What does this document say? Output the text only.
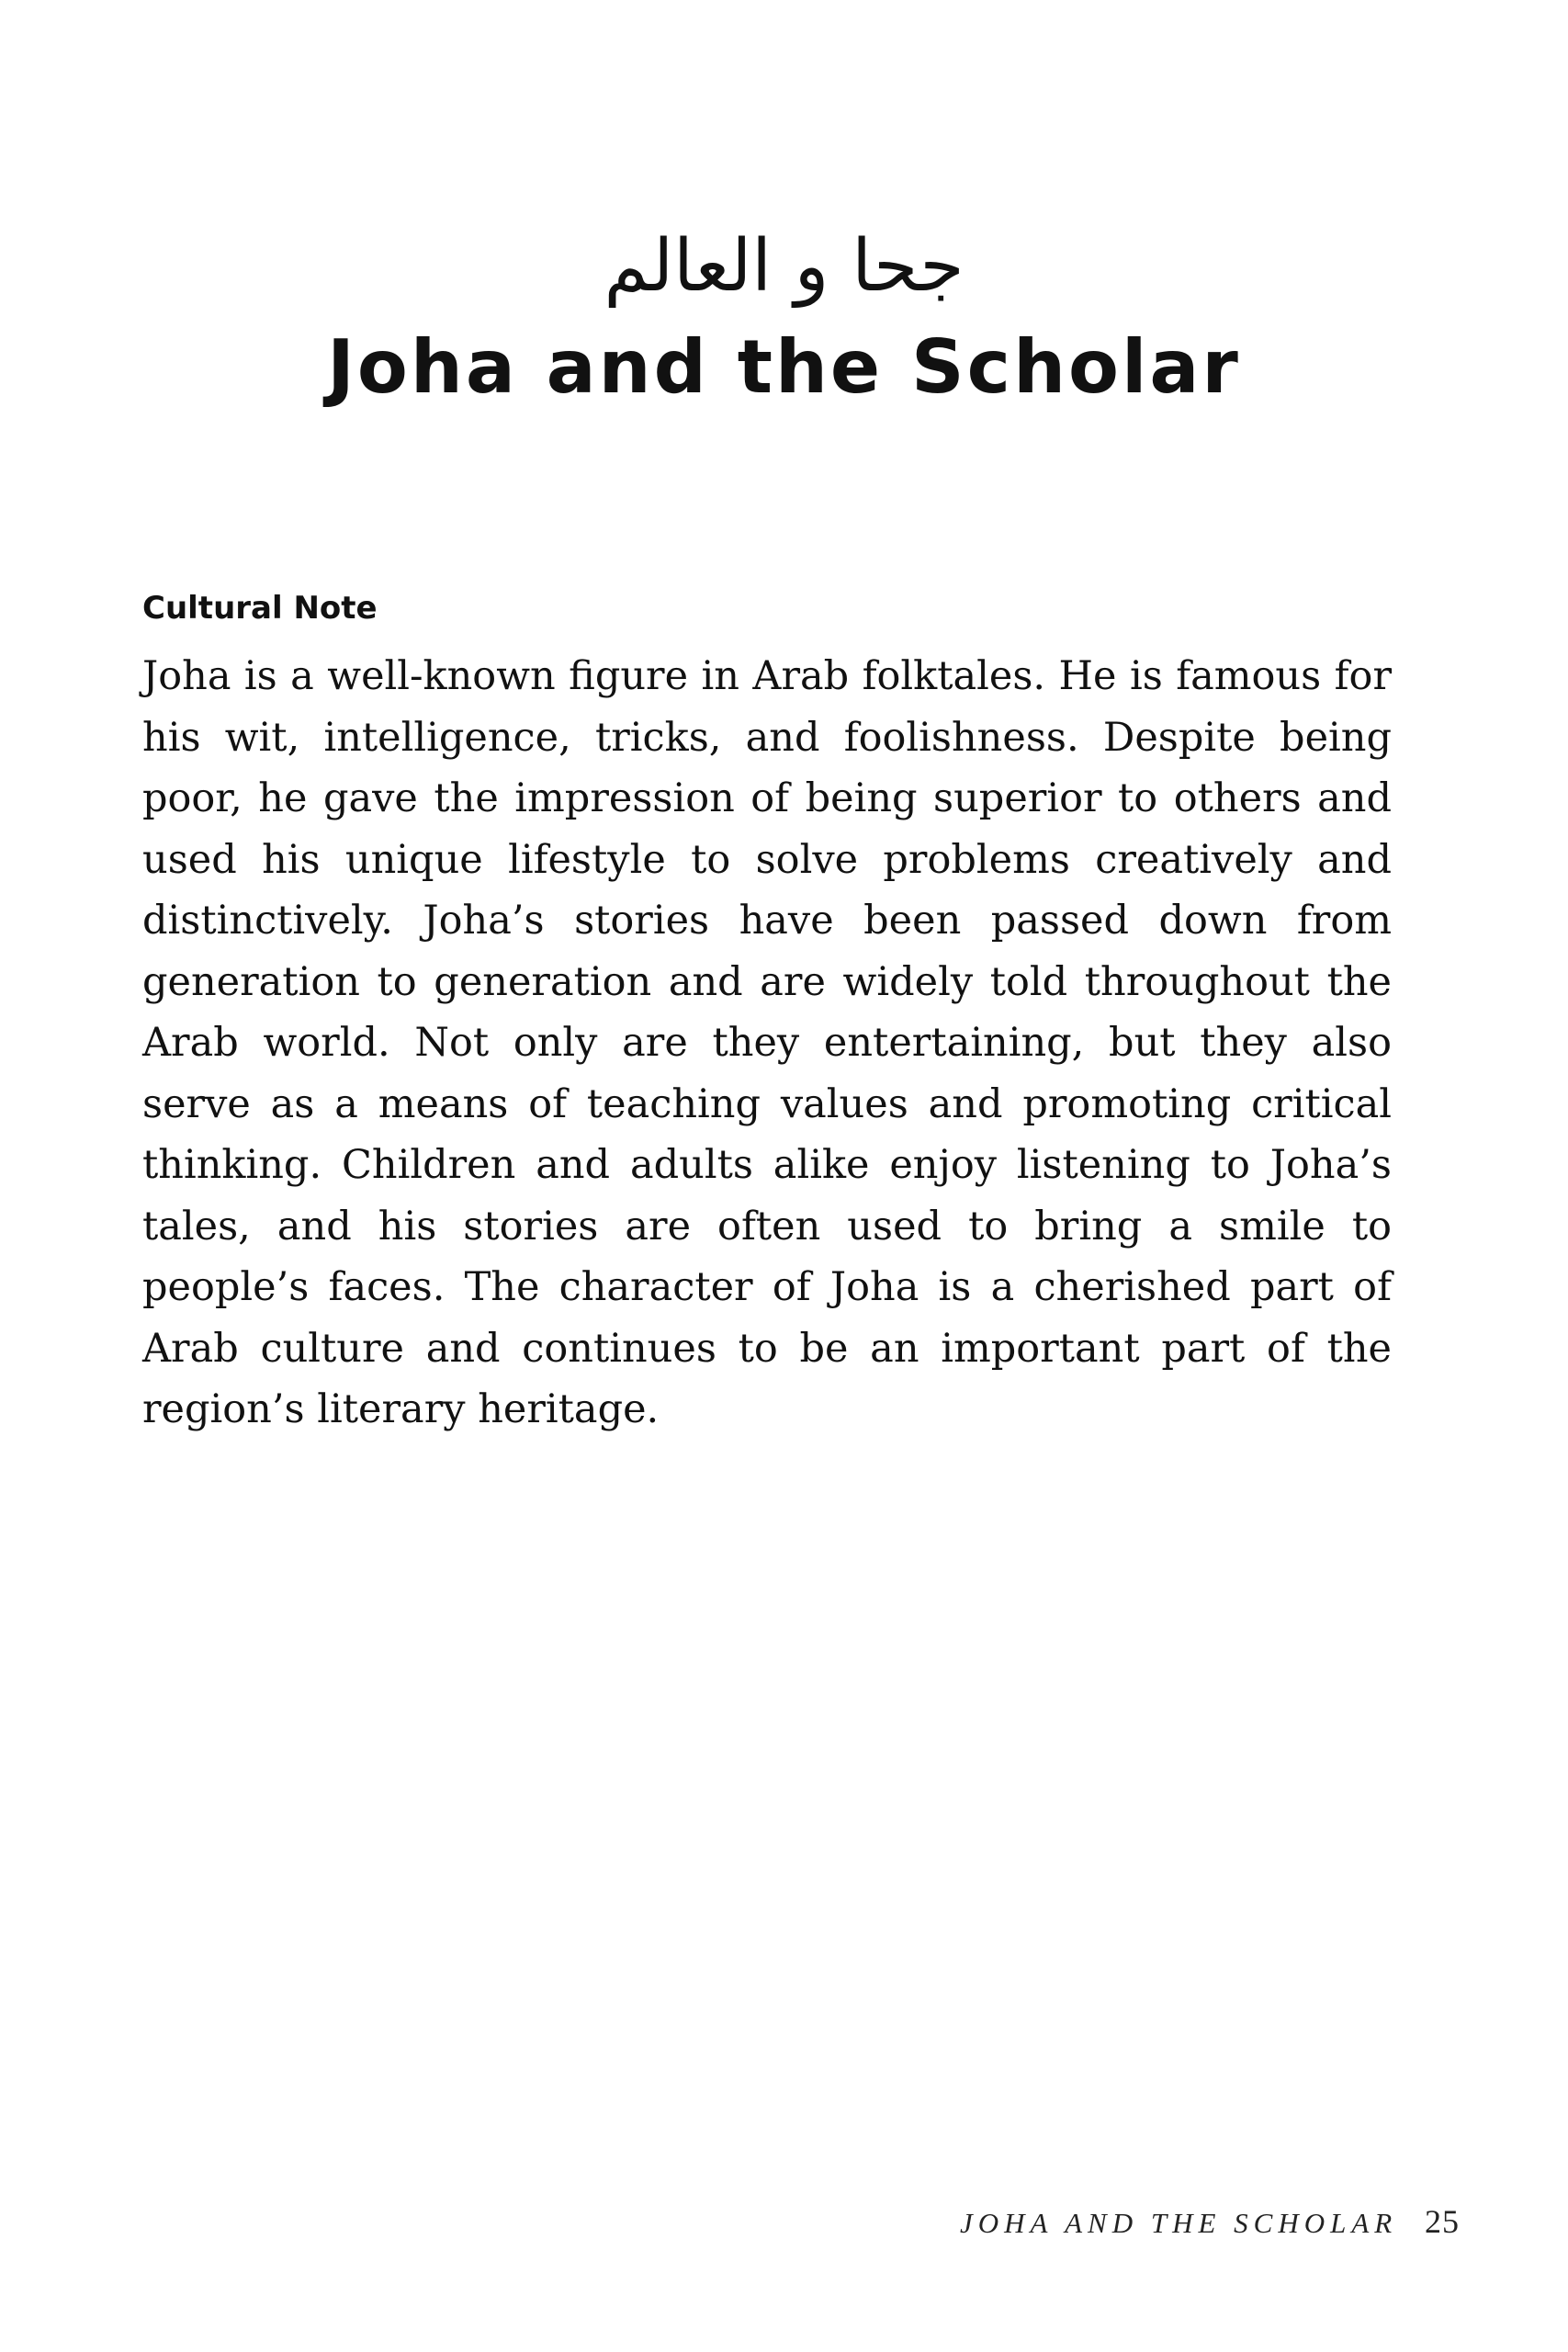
جحا و العالم
Joha and the Scholar
Cultural Note

Joha is a well-known figure in Arab folktales. He is famous for his wit, intelligence, tricks, and foolishness. Despite being poor, he gave the impression of being superior to others and used his unique lifestyle to solve problems creatively and distinctively. Joha’s stories have been passed down from generation to generation and are widely told throughout the Arab world. Not only are they entertaining, but they also serve as a means of teaching values and promoting critical thinking. Children and adults alike enjoy listening to Joha’s tales, and his stories are often used to bring a smile to people’s faces. The character of Joha is a cherished part of Arab culture and continues to be an important part of the region’s literary heritage.

JOHA AND THE SCHOLAR 25
